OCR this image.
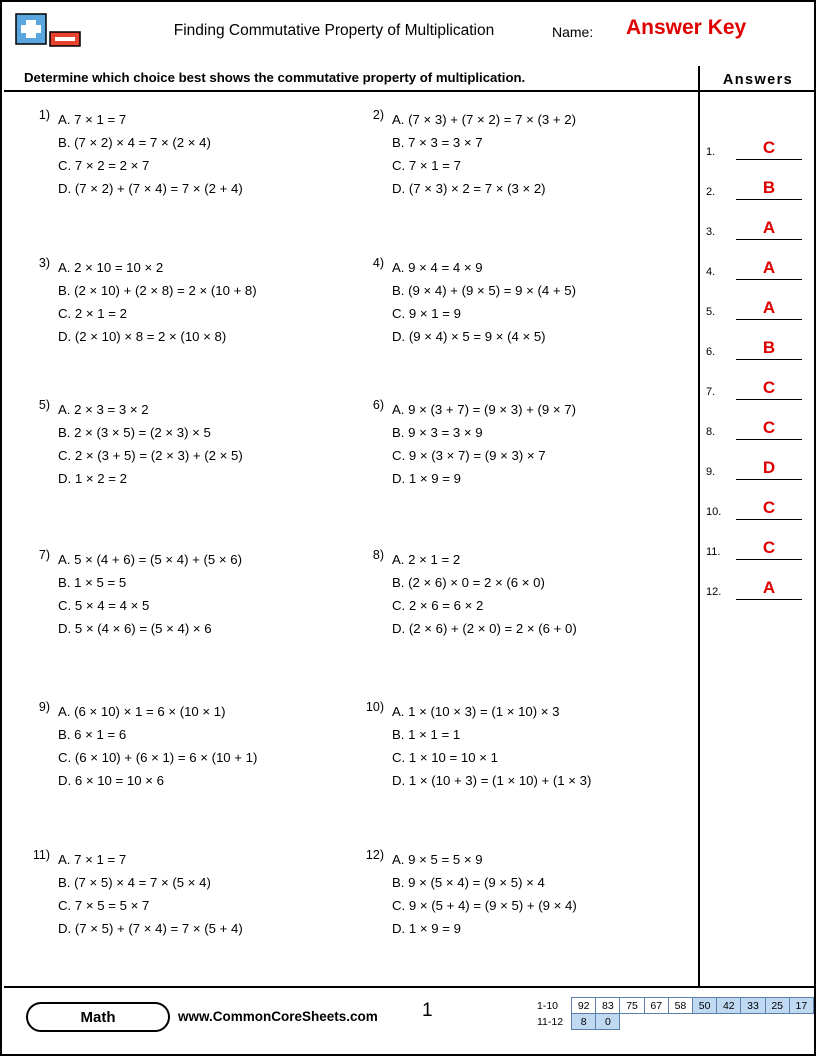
Finding Commutative Property of Multiplication	Name: Answer Key
Determine which choice best shows the commutative property of multiplication.	Answers
1.	C
2.	B
3.	A
4.	A
5.	A
6.	B
7.	C
8.	C
9.	D
10.	C
11.	C
12.	A
1) A. 7 × 1 = 7
B. (7 × 2) × 4 = 7 × (2 × 4)
C. 7 × 2 = 2 × 7
D. (7 × 2) + (7 × 4) = 7 × (2 + 4)
2) A. (7 × 3) + (7 × 2) = 7 × (3 + 2)
B. 7 × 3 = 3 × 7
C. 7 × 1 = 7
D. (7 × 3) × 2 = 7 × (3 × 2)
3) A. 2 × 10 = 10 × 2
B. (2 × 10) + (2 × 8) = 2 × (10 + 8)
C. 2 × 1 = 2
D. (2 × 10) × 8 = 2 × (10 × 8)
4) A. 9 × 4 = 4 × 9
B. (9 × 4) + (9 × 5) = 9 × (4 + 5)
C. 9 × 1 = 9
D. (9 × 4) × 5 = 9 × (4 × 5)
5) A. 2 × 3 = 3 × 2
B. 2 × (3 × 5) = (2 × 3) × 5
C. 2 × (3 + 5) = (2 × 3) + (2 × 5)
D. 1 × 2 = 2
6) A. 9 × (3 + 7) = (9 × 3) + (9 × 7)
B. 9 × 3 = 3 × 9
C. 9 × (3 × 7) = (9 × 3) × 7
D. 1 × 9 = 9
7) A. 5 × (4 + 6) = (5 × 4) + (5 × 6)
B. 1 × 5 = 5
C. 5 × 4 = 4 × 5
D. 5 × (4 × 6) = (5 × 4) × 6
8) A. 2 × 1 = 2
B. (2 × 6) × 0 = 2 × (6 × 0)
C. 2 × 6 = 6 × 2
D. (2 × 6) + (2 × 0) = 2 × (6 + 0)
9) A. (6 × 10) × 1 = 6 × (10 × 1)
B. 6 × 1 = 6
C. (6 × 10) + (6 × 1) = 6 × (10 + 1)
D. 6 × 10 = 10 × 6
10) A. 1 × (10 × 3) = (1 × 10) × 3
B. 1 × 1 = 1
C. 1 × 10 = 10 × 1
D. 1 × (10 + 3) = (1 × 10) + (1 × 3)
11) A. 7 × 1 = 7
B. (7 × 5) × 4 = 7 × (5 × 4)
C. 7 × 5 = 5 × 7
D. (7 × 5) + (7 × 4) = 7 × (5 + 4)
12) A. 9 × 5 = 5 × 9
B. 9 × (5 × 4) = (9 × 5) × 4
C. 9 × (5 + 4) = (9 × 5) + (9 × 4)
D. 1 × 9 = 9
Math	www.CommonCoreSheets.com 1	1-10	92	83	75	67	58	50	42	33	25	17
11-12	8	0								
